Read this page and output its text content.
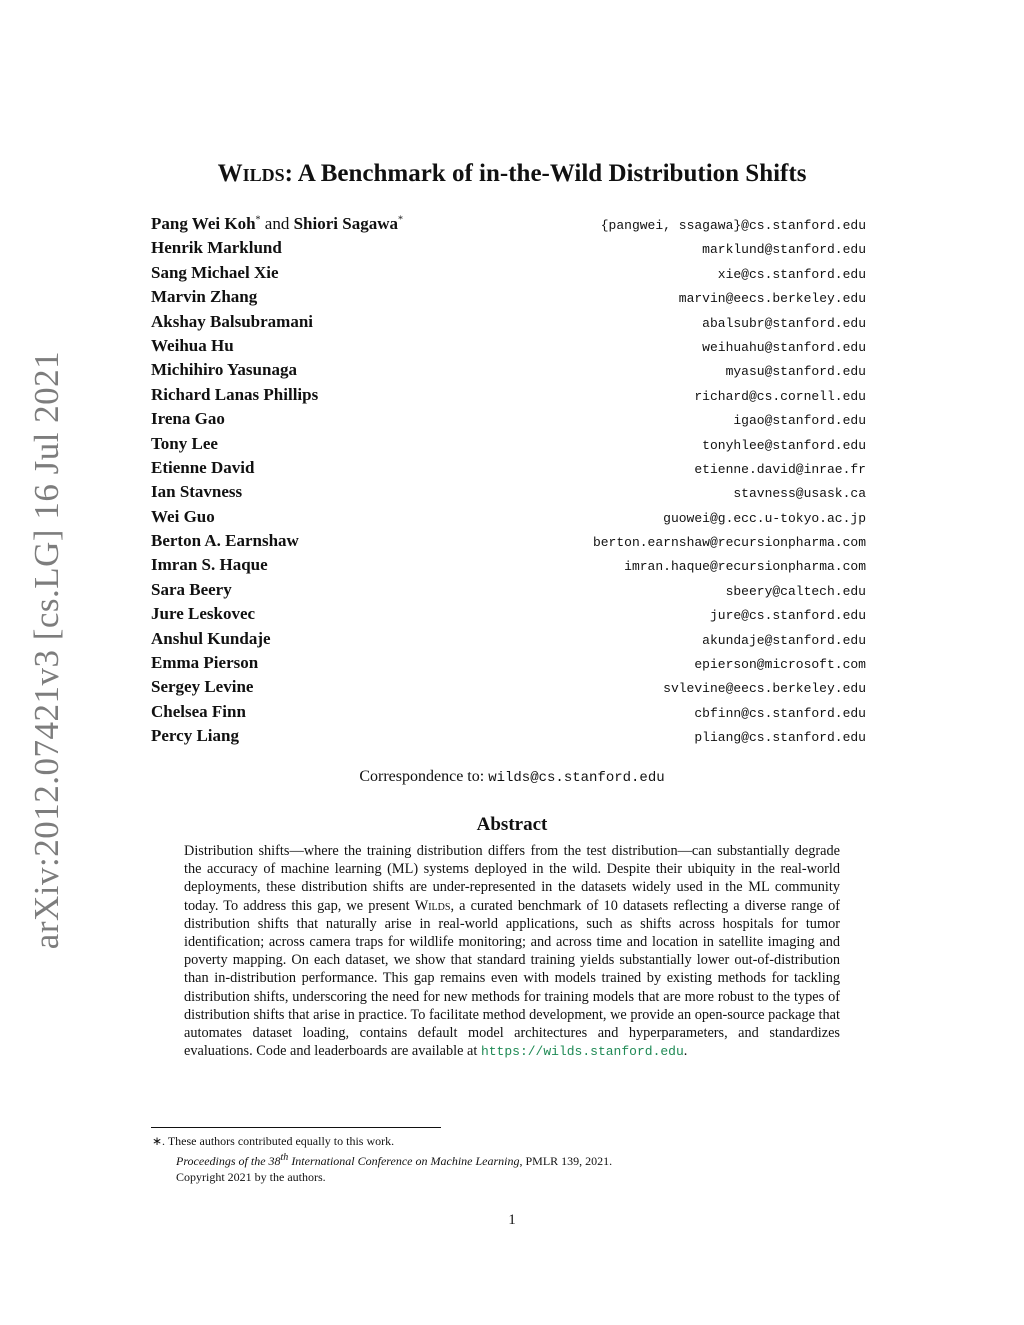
arXiv:2012.07421v3 [cs.LG] 16 Jul 2021
Wilds: A Benchmark of in-the-Wild Distribution Shifts
Pang Wei Koh* and Shiori Sagawa*	{pangwei, ssagawa}@cs.stanford.edu
Henrik Marklund	marklund@stanford.edu
Sang Michael Xie	xie@cs.stanford.edu
Marvin Zhang	marvin@eecs.berkeley.edu
Akshay Balsubramani	abalsubr@stanford.edu
Weihua Hu	weihuahu@stanford.edu
Michihiro Yasunaga	myasu@stanford.edu
Richard Lanas Phillips	richard@cs.cornell.edu
Irena Gao	igao@stanford.edu
Tony Lee	tonyhlee@stanford.edu
Etienne David	etienne.david@inrae.fr
Ian Stavness	stavness@usask.ca
Wei Guo	guowei@g.ecc.u-tokyo.ac.jp
Berton A. Earnshaw	berton.earnshaw@recursionpharma.com
Imran S. Haque	imran.haque@recursionpharma.com
Sara Beery	sbeery@caltech.edu
Jure Leskovec	jure@cs.stanford.edu
Anshul Kundaje	akundaje@stanford.edu
Emma Pierson	epierson@microsoft.com
Sergey Levine	svlevine@eecs.berkeley.edu
Chelsea Finn	cbfinn@cs.stanford.edu
Percy Liang	pliang@cs.stanford.edu
Correspondence to: wilds@cs.stanford.edu
Abstract

Distribution shifts—where the training distribution differs from the test distribution—can substantially degrade the accuracy of machine learning (ML) systems deployed in the wild. Despite their ubiquity in the real-world deployments, these distribution shifts are under-represented in the datasets widely used in the ML community today. To address this gap, we present Wilds, a curated benchmark of 10 datasets reflecting a diverse range of distribution shifts that naturally arise in real-world applications, such as shifts across hospitals for tumor identification; across camera traps for wildlife monitoring; and across time and location in satellite imaging and poverty mapping. On each dataset, we show that standard training yields substantially lower out-of-distribution than in-distribution performance. This gap remains even with models trained by existing methods for tackling distribution shifts, underscoring the need for new methods for training models that are more robust to the types of distribution shifts that arise in practice. To facilitate method development, we provide an open-source package that automates dataset loading, contains default model architectures and hyperparameters, and standardizes evaluations. Code and leaderboards are available at https://wilds.stanford.edu.

∗. These authors contributed equally to this work.
Proceedings of the 38th International Conference on Machine Learning, PMLR 139, 2021.
Copyright 2021 by the authors.
1
